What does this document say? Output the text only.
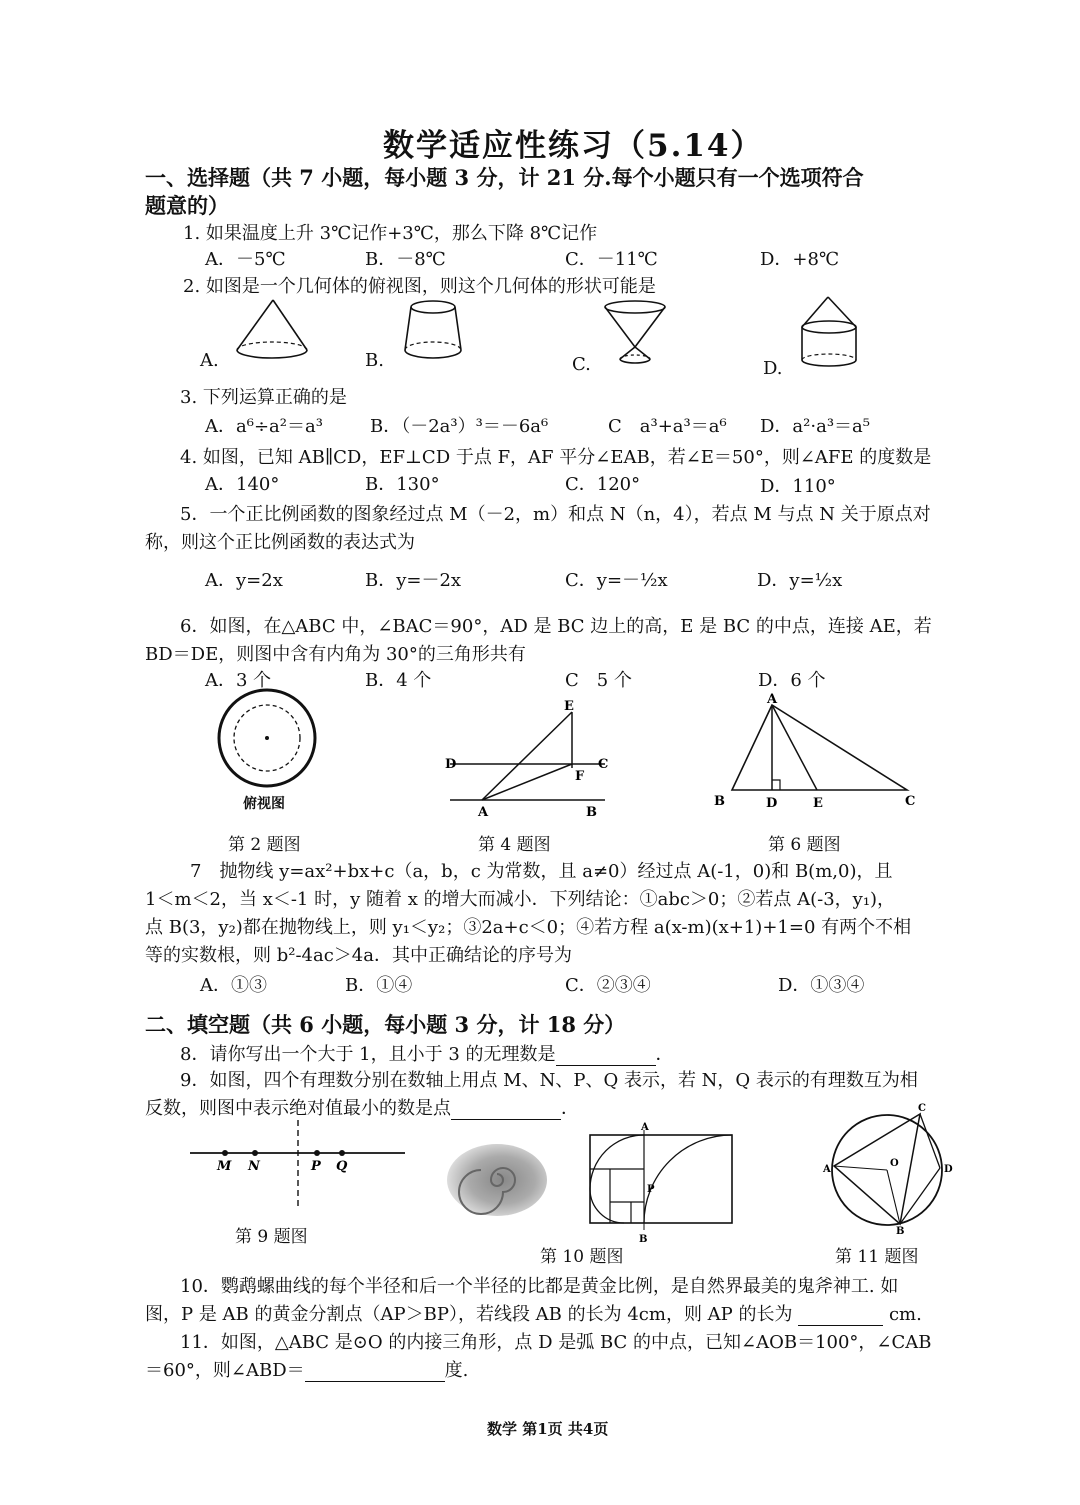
数学适应性练习（5.14）
一、选择题（共 7 小题，每小题 3 分，计 21 分.每个小题只有一个选项符合
题意的）
1. 如果温度上升 3℃记作+3℃，那么下降 8℃记作
A．－5℃	B．－8℃	C．－11℃	D．+8℃
2. 如图是一个几何体的俯视图，则这个几何体的形状可能是
A.	B.	C.	D.
3. 下列运算正确的是
A．a⁶÷a²＝a³	B．（－2a³）³＝－6a⁶	C　a³+a³＝a⁶ D．a²·a³＝a⁵
4. 如图，已知 AB∥CD，EF⊥CD 于点 F，AF 平分∠EAB，若∠E＝50°，则∠AFE 的度数是
A．140°	B．130°	C．120°	D．110°
5．一个正比例函数的图象经过点 M（－2，m）和点 N（n，4），若点 M 与点 N 关于原点对
称，则这个正比例函数的表达式为
A．y=2x	B．y=－2x	C．y=－½x	D．y=½x
6．如图，在△ABC 中，∠BAC＝90°，AD 是 BC 边上的高，E 是 BC 的中点，连接 AE，若
BD＝DE，则图中含有内角为 30°的三角形共有
A．3 个	B．4 个	C　5 个	D．6 个
俯视图
E
D	C
F
A	B
A
B	D	E	C
第 2 题图	第 4 题图	第 6 题图
7　抛物线 y=ax²+bx+c（a，b，c 为常数，且 a≠0）经过点 A(-1，0)和 B(m,0)，且
1＜m＜2，当 x＜-1 时，y 随着 x 的增大而减小．下列结论：①abc＞0；②若点 A(-3，y₁)，
点 B(3，y₂)都在抛物线上，则 y₁＜y₂；③2a+c＜0；④若方程 a(x-m)(x+1)+1=0 有两个不相
等的实数根，则 b²-4ac＞4a．其中正确结论的序号为
A．①③	B．①④	C．②③④	D．①③④
二、填空题（共 6 小题，每小题 3 分，计 18 分）
8．请你写出一个大于 1，且小于 3 的无理数是	．
9．如图，四个有理数分别在数轴上用点 M、N、P、Q 表示，若 N，Q 表示的有理数互为相
反数，则图中表示绝对值最小的数是点	．
M N	P Q
A
P
B
C
A
O
D
B
第 9 题图
第 10 题图	第 11 题图
10．鹦鹉螺曲线的每个半径和后一个半径的比都是黄金比例，是自然界最美的鬼斧神工. 如
图，P 是 AB 的黄金分割点（AP＞BP），若线段 AB 的长为 4cm，则 AP 的长为	cm.
11．如图，△ABC 是⊙O 的内接三角形，点 D 是弧 BC 的中点，已知∠AOB＝100°，∠CAB
＝60°，则∠ABD＝	度.
数学 第1页 共4页
